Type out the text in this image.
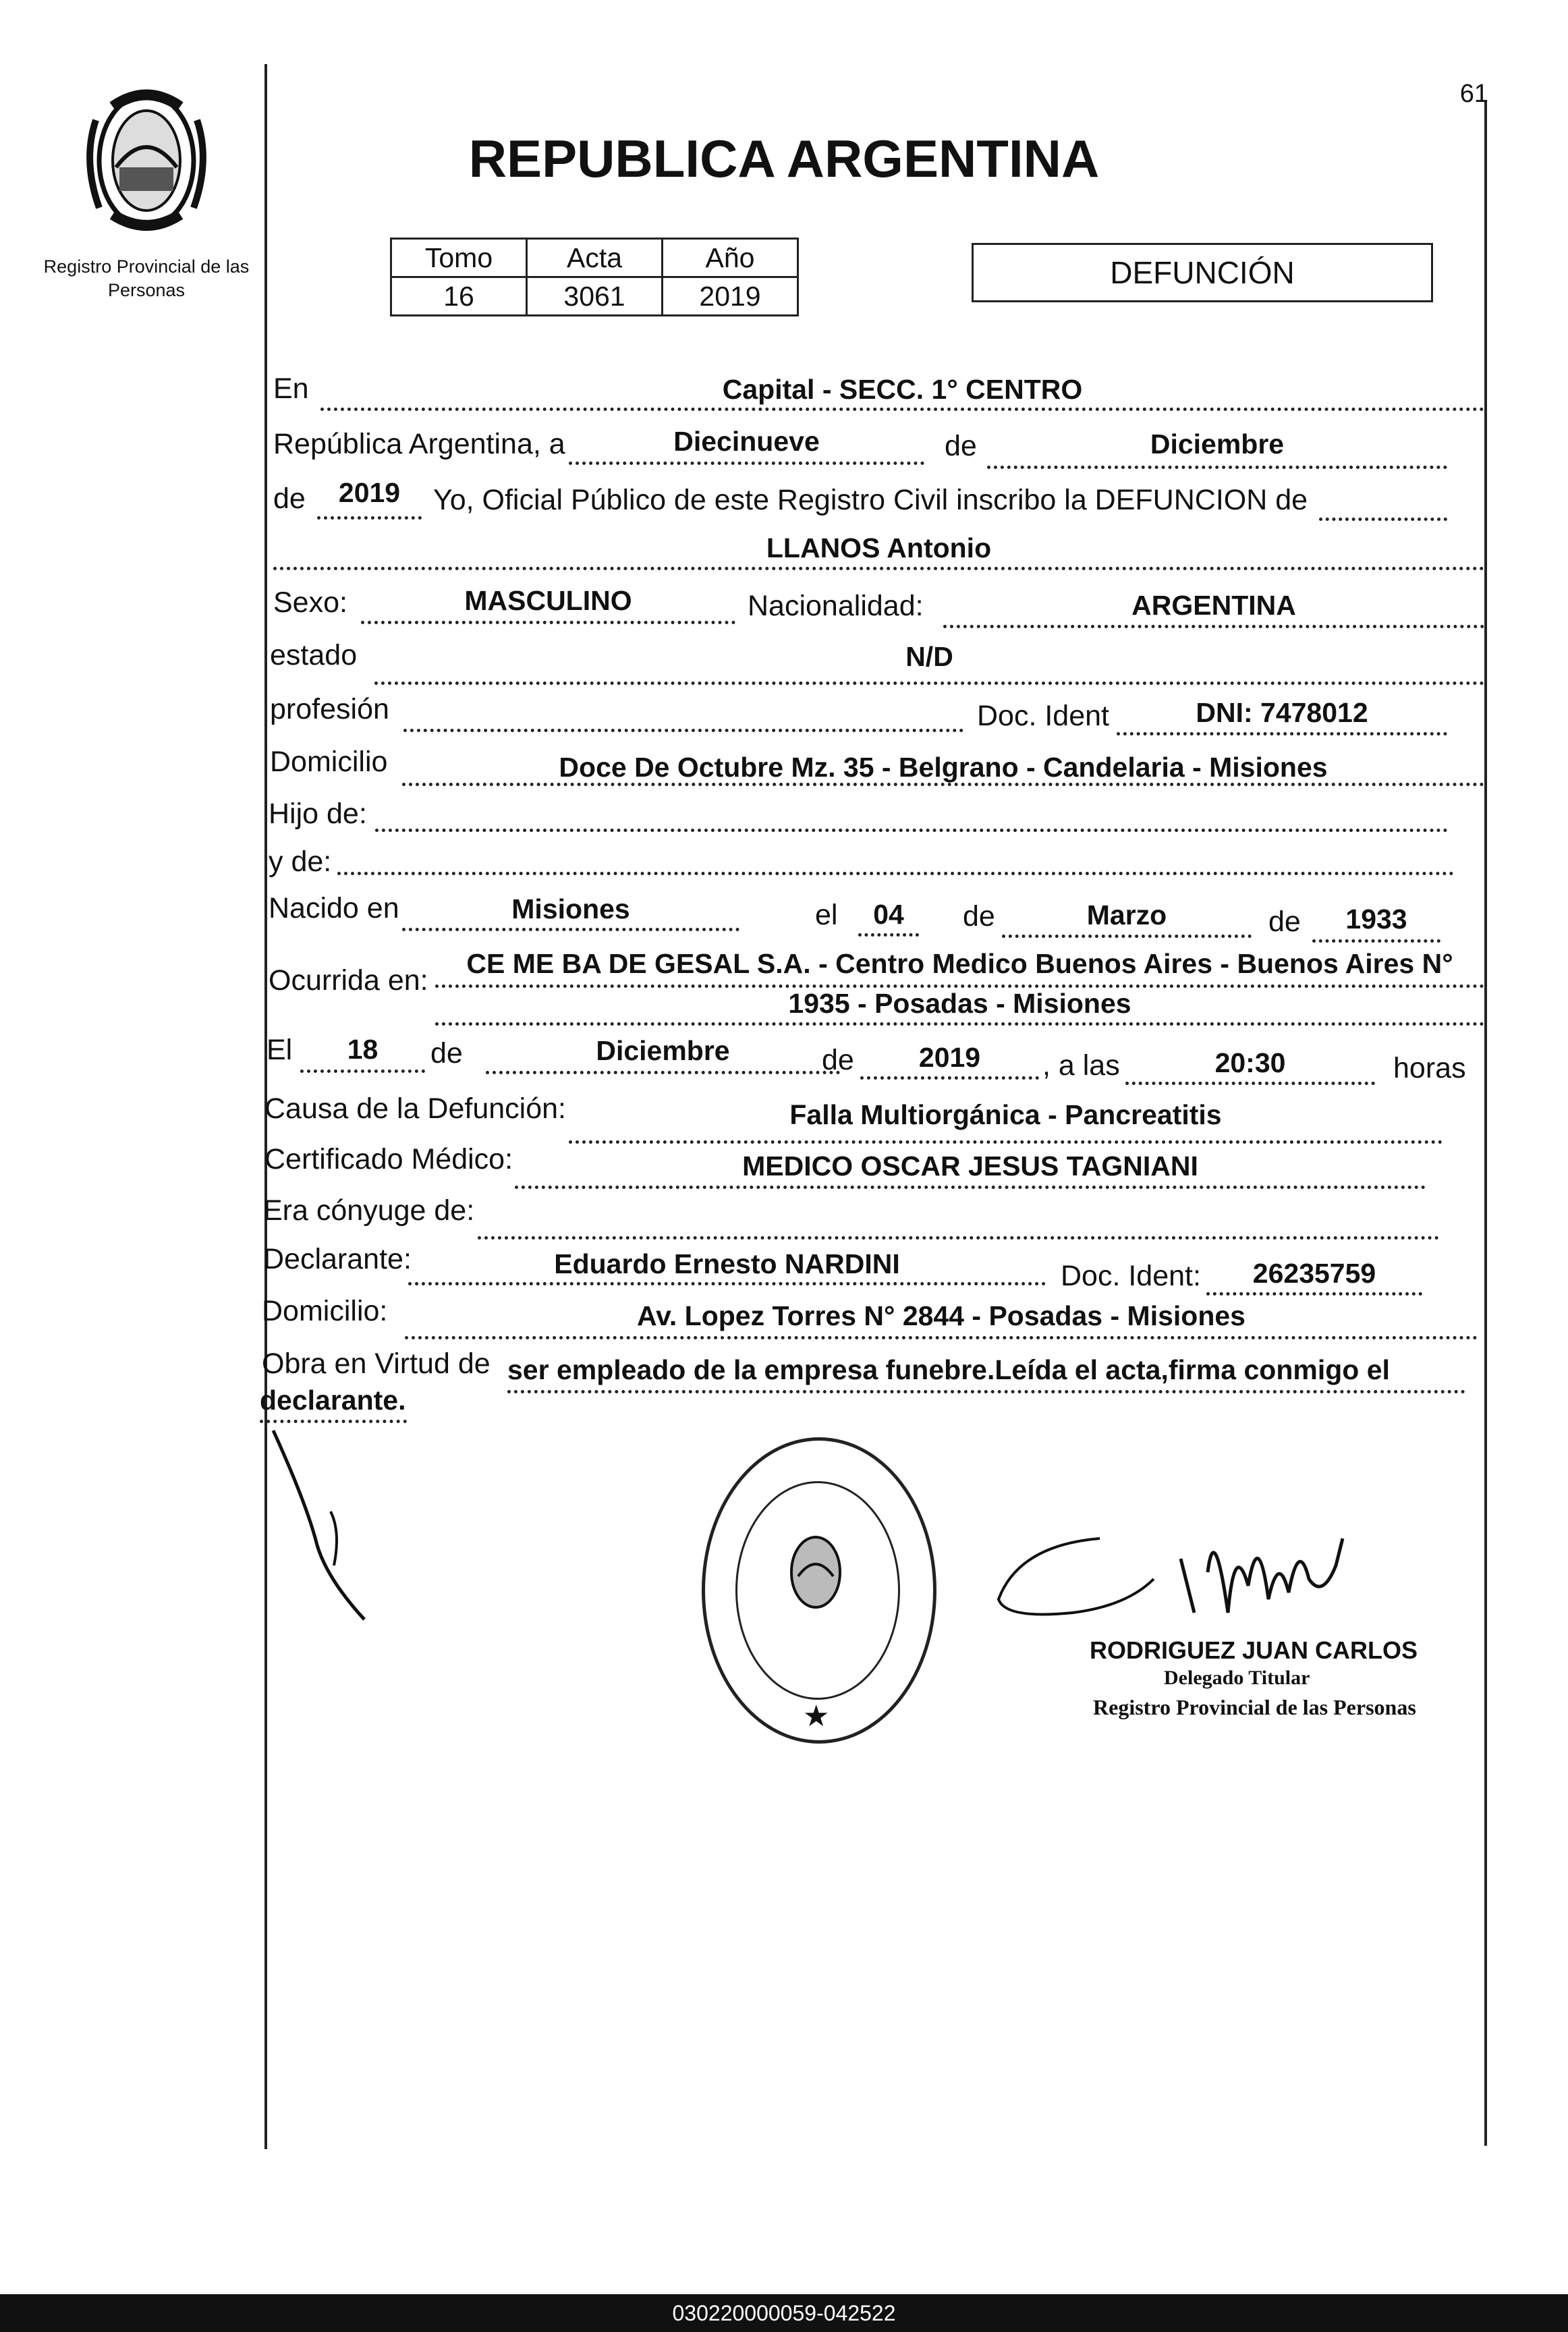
61
Registro Provincial de las Personas
REPUBLICA ARGENTINA
Tomo	Acta	Año
16	3061	2019
DEFUNCIÓN
En	Capital - SECC. 1° CENTRO
República Argentina, a	Diecinueve	de	Diciembre
de	2019	Yo, Oficial Público de este Registro Civil inscribo la DEFUNCION de
LLANOS Antonio
Sexo:	MASCULINO	Nacionalidad:	ARGENTINA
estado	N/D
profesión	Doc. Ident	DNI: 7478012
Domicilio	Doce De Octubre Mz. 35 - Belgrano - Candelaria - Misiones
Hijo de:
y de:
Nacido en	Misiones	el	04	de	Marzo	de	1933
Ocurrida en:
CE ME BA DE GESAL S.A. - Centro Medico Buenos Aires - Buenos Aires N°
1935 - Posadas - Misiones
El	18	de	Diciembre	de	2019	, a las	20:30	horas
Causa de la Defunción:	Falla Multiorgánica - Pancreatitis
Certificado Médico:	MEDICO OSCAR JESUS TAGNIANI
Era cónyuge de:
Declarante:	Eduardo Ernesto NARDINI	Doc. Ident:	26235759
Domicilio:	Av. Lopez Torres N° 2844 - Posadas - Misiones
Obra en Virtud de ser empleado de la empresa funebre.Leída el acta,firma conmigo el
declarante.
★
RODRIGUEZ JUAN CARLOS
Delegado Titular
Registro Provincial de las Personas
030220000059-042522
